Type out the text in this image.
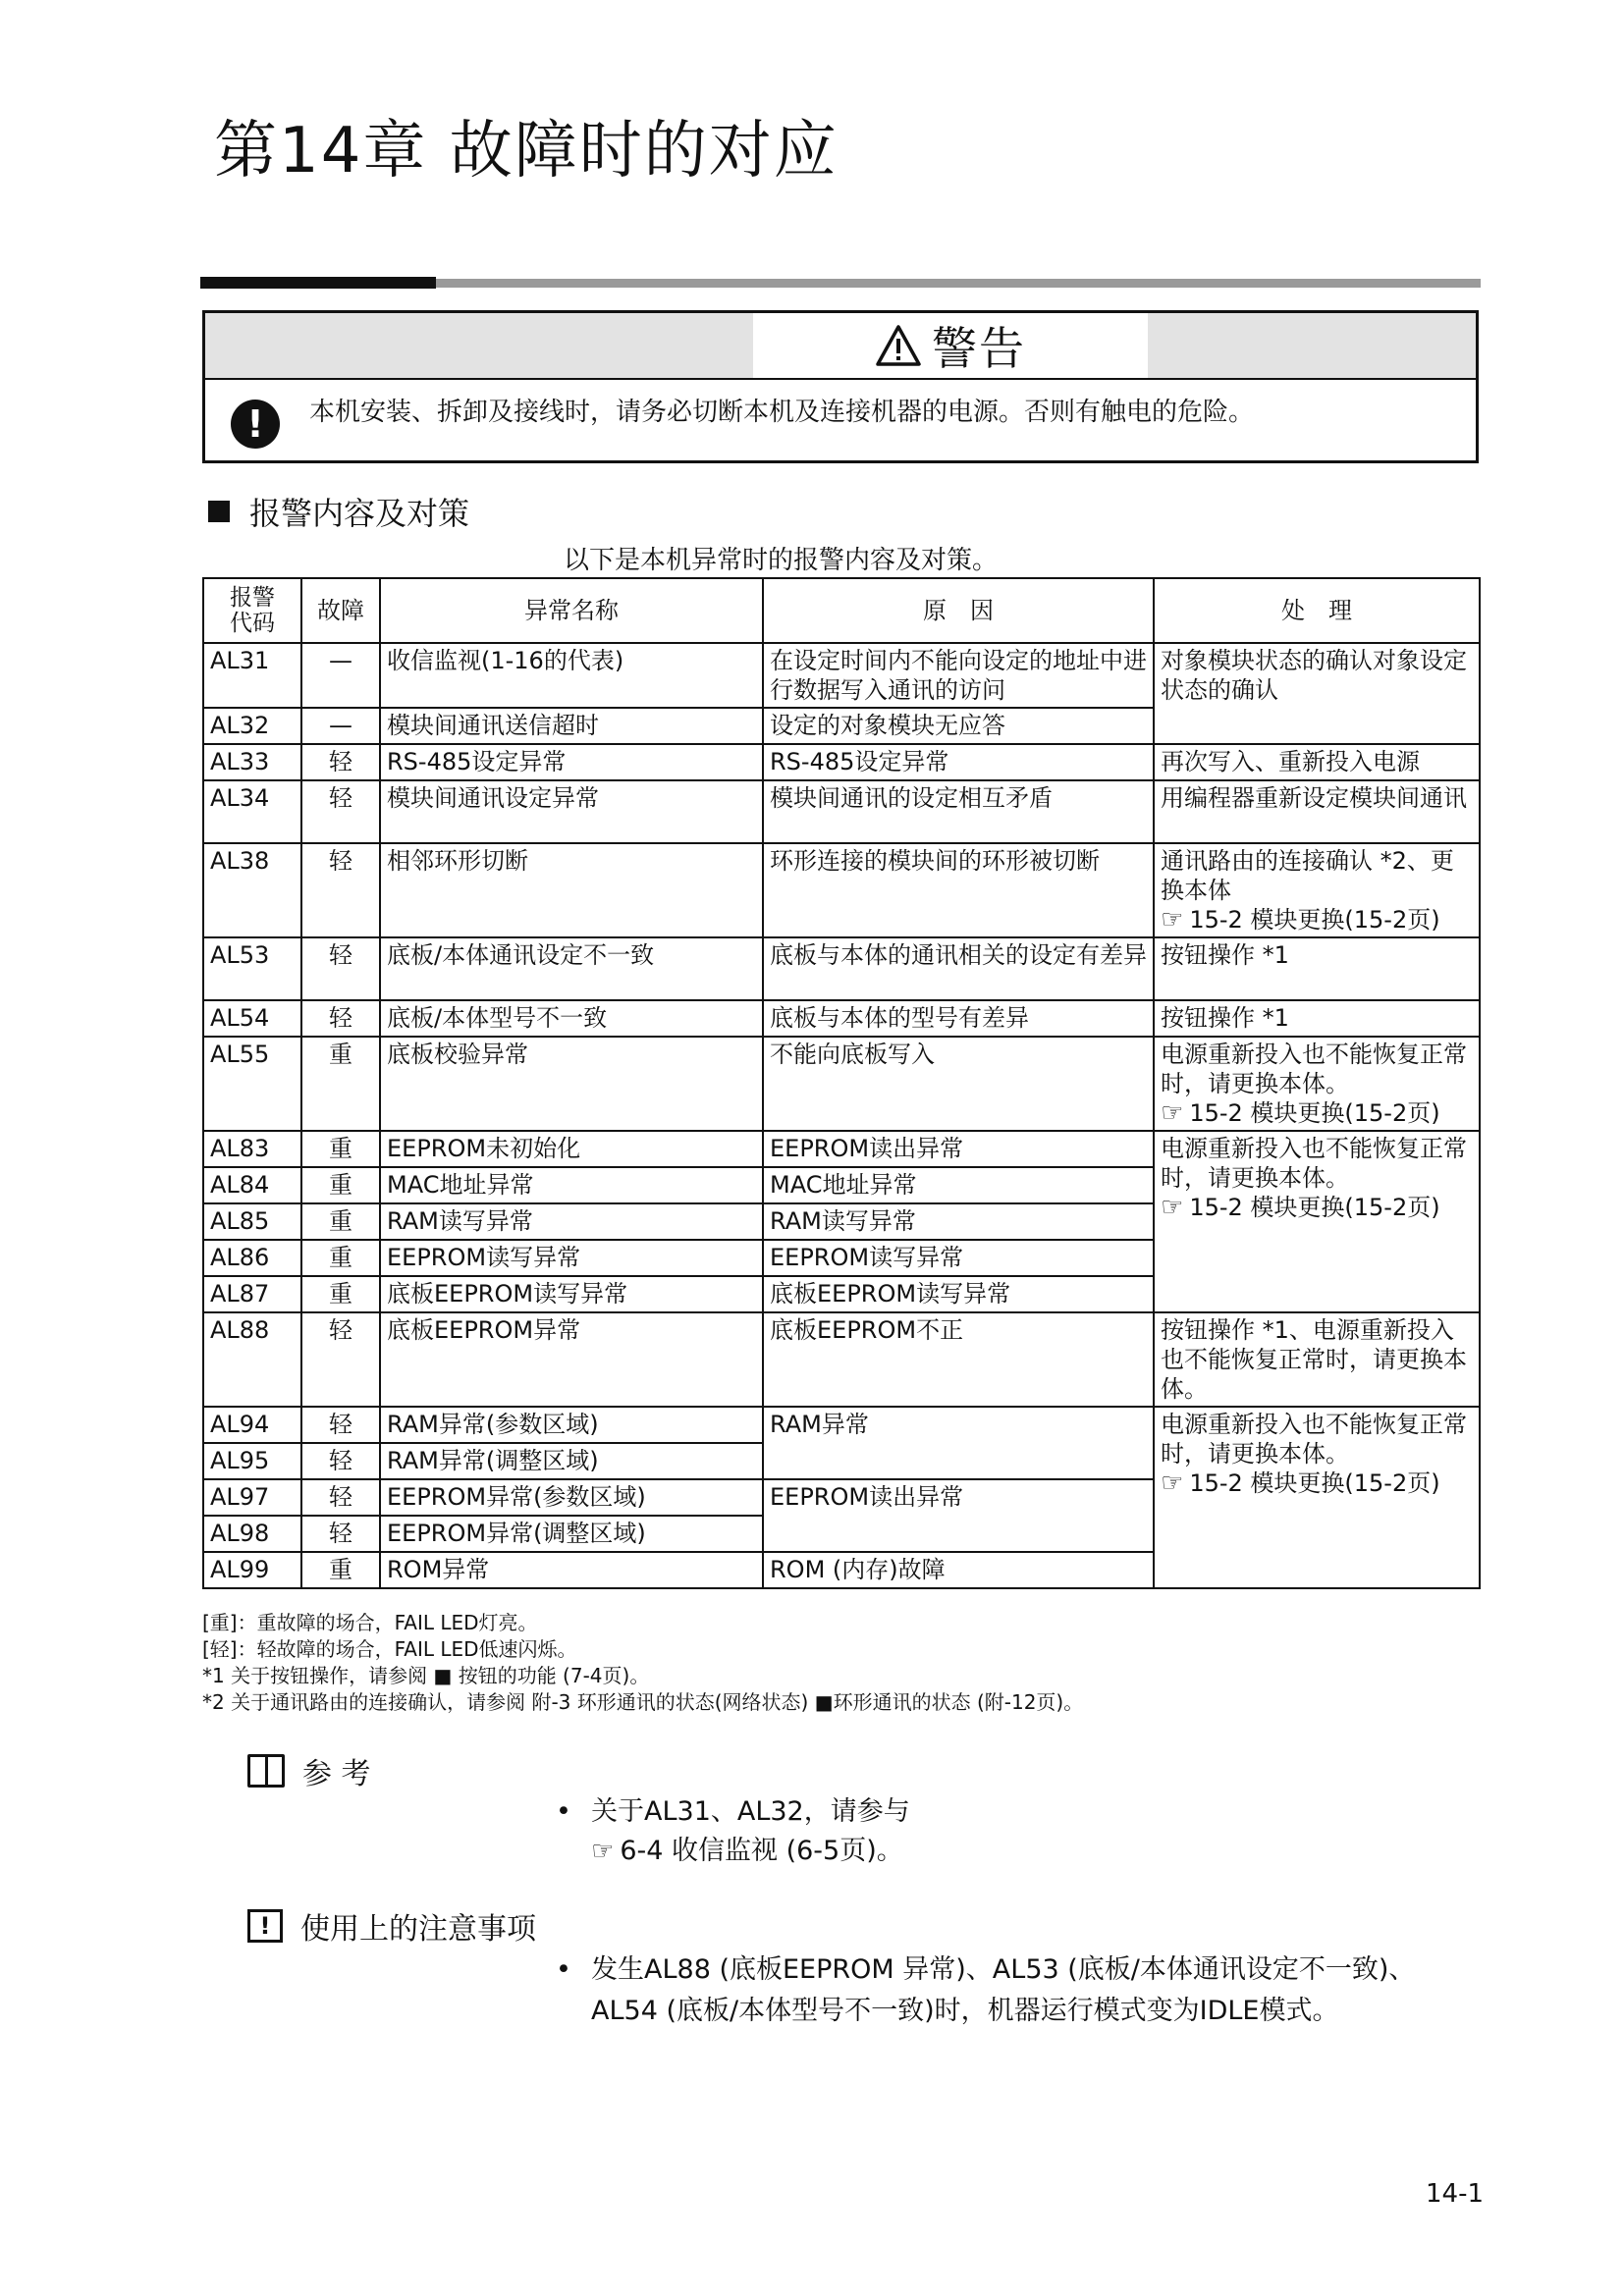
第14章 故障时的对应
警告
!	本机安装、拆卸及接线时，请务必切断本机及连接机器的电源。否则有触电的危险。
报警内容及对策
以下是本机异常时的报警内容及对策。
报警
代码	故障	异常名称	原　因	处　理
AL31	—	收信监视(1-16的代表)	在设定时间内不能向设定的地址中进行数据写入通讯的访问	对象模块状态的确认对象设定状态的确认
AL32	—	模块间通讯送信超时	设定的对象模块无应答	
AL33	轻	RS-485设定异常	RS-485设定异常	再次写入、重新投入电源
AL34	轻	模块间通讯设定异常	模块间通讯的设定相互矛盾	用编程器重新设定模块间通讯
AL38	轻	相邻环形切断	环形连接的模块间的环形被切断	通讯路由的连接确认 *2、更换本体
☞ 15-2 模块更换(15-2页)

AL53	轻	底板/本体通讯设定不一致	底板与本体的通讯相关的设定有差异	按钮操作 *1
AL54	轻	底板/本体型号不一致	底板与本体的型号有差异	按钮操作 *1
AL55	重	底板校验异常	不能向底板写入	电源重新投入也不能恢复正常时，请更换本体。
☞ 15-2 模块更换(15-2页)

AL83	重	EEPROM未初始化	EEPROM读出异常	电源重新投入也不能恢复正常时，请更换本体。
☞ 15-2 模块更换(15-2页)

AL84	重	MAC地址异常	MAC地址异常	
AL85	重	RAM读写异常	RAM读写异常	
AL86	重	EEPROM读写异常	EEPROM读写异常	
AL87	重	底板EEPROM读写异常	底板EEPROM读写异常	
AL88	轻	底板EEPROM异常	底板EEPROM不正	按钮操作 *1、电源重新投入也不能恢复正常时，请更换本体。
AL94	轻	RAM异常(参数区域)	RAM异常	电源重新投入也不能恢复正常时，请更换本体。
☞ 15-2 模块更换(15-2页)

AL95	轻	RAM异常(调整区域)		
AL97	轻	EEPROM异常(参数区域)	EEPROM读出异常	
AL98	轻	EEPROM异常(调整区域)		
AL99	重	ROM异常	ROM (内存)故障	
[重]：重故障的场合，FAIL LED灯亮。
[轻]：轻故障的场合，FAIL LED低速闪烁。
*1 关于按钮操作，请参阅 ■ 按钮的功能 (7-4页)。
*2 关于通讯路由的连接确认，请参阅 附-3 环形通讯的状态(网络状态) ■环形通讯的状态 (附-12页)。
参 考
• 关于AL31、AL32，请参与
☞ 6-4 收信监视 (6-5页)。
!	使用上的注意事项
• 发生AL88 (底板EEPROM 异常)、AL53 (底板/本体通讯设定不一致)、
AL54 (底板/本体型号不一致)时，机器运行模式变为IDLE模式。
14-1
